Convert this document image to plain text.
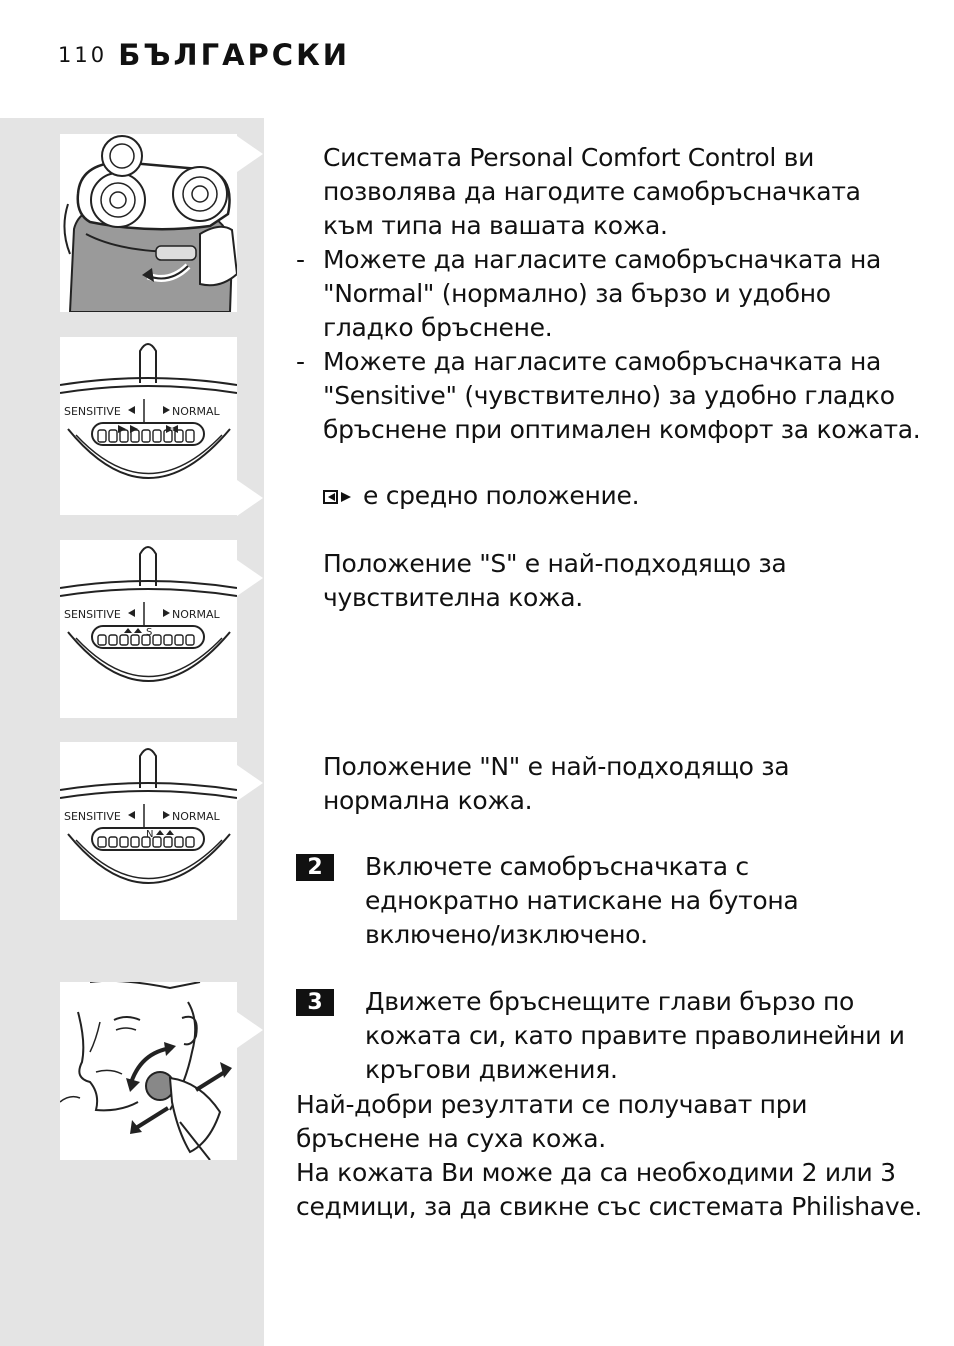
110 БЪЛГАРСКИ
SENSITIVE	NORMAL
SENSITIVE	NORMAL
S
SENSITIVE	NORMAL
N
Системата Personal Comfort Control ви
позволява да нагодите самобръсначката
към типа на вашата кожа.
- Можете да нагласите самобръсначката на
"Normal" (нормално) за бързо и удобно
гладко бръснене.
- Можете да нагласите самобръсначката на
"Sensitive" (чувствително) за удобно гладко
бръснене при оптимален комфорт за кожата.
е средно положение.
Положение "S" е най-подходящо за
чувствителна кожа.
Положение "N" е най-подходящо за
нормална кожа.
2	Включете самобръсначката с
еднократно натискане на бутона
включено/изключено.
3	Движете бръснещите глави бързо по
кожата си, като правите праволинейни и
кръгови движения.
Най-добри резултати се получават при
бръснене на суха кожа.
На кожата Ви може да са необходими 2 или 3
седмици, за да свикне със системата Philishave.
